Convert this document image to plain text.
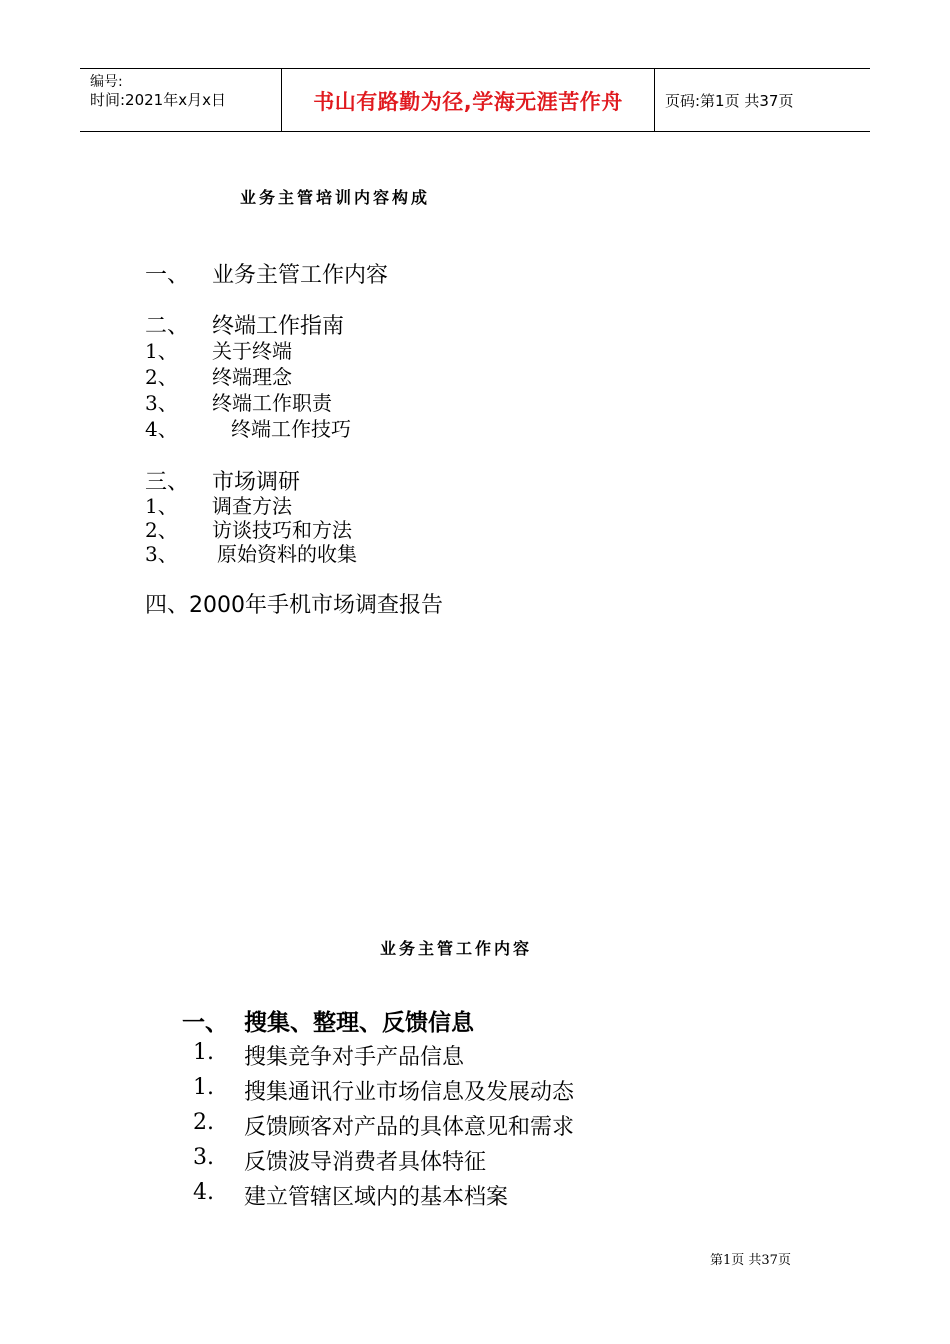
编号:
时间:2021年x月x日	书山有路勤为径,学海无涯苦作舟	页码:第1页 共37页
业务主管培训内容构成
一、 业务主管工作内容
二、 终端工作指南
1、 关于终端
2、 终端理念
3、 终端工作职责
4、	终端工作技巧
三、 市场调研
1、 调查方法
2、 访谈技巧和方法
3、 原始资料的收集
四、2000年手机市场调查报告
业务主管工作内容
一、 搜集、整理、反馈信息
1. 搜集竞争对手产品信息
1. 搜集通讯行业市场信息及发展动态
2. 反馈顾客对产品的具体意见和需求
3. 反馈波导消费者具体特征
4. 建立管辖区域内的基本档案
第1页 共37页
